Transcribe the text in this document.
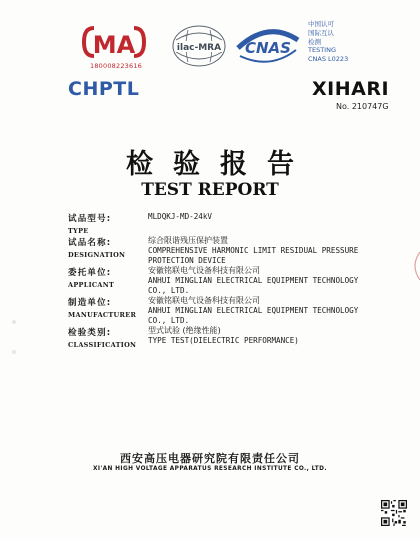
MA
180008223616
ilac-MRA CNAS
中国认可
国际互认
检测
TESTING
CNAS L0223
CHPTL	XIHARI
No. 210747G
检验报告
TEST REPORT
试品型号:
TYPE
MLDQKJ-MD-24kV
试品名称:
DESIGNATION
综合限谐残压保护装置
COMPREHENSIVE HARMONIC LIMIT RESIDUAL PRESSURE
PROTECTION DEVICE
委托单位:
APPLICANT
安徽铭联电气设备科技有限公司
ANHUI MINGLIAN ELECTRICAL EQUIPMENT TECHNOLOGY
CO., LTD.
制造单位:
MANUFACTURER
安徽铭联电气设备科技有限公司
ANHUI MINGLIAN ELECTRICAL EQUIPMENT TECHNOLOGY
CO., LTD.
检验类别:
CLASSIFICATION
型式试验 (绝缘性能)
TYPE TEST(DIELECTRIC PERFORMANCE)
西安高压电器研究院有限责任公司
XI'AN HIGH VOLTAGE APPARATUS RESEARCH INSTITUTE CO., LTD.
